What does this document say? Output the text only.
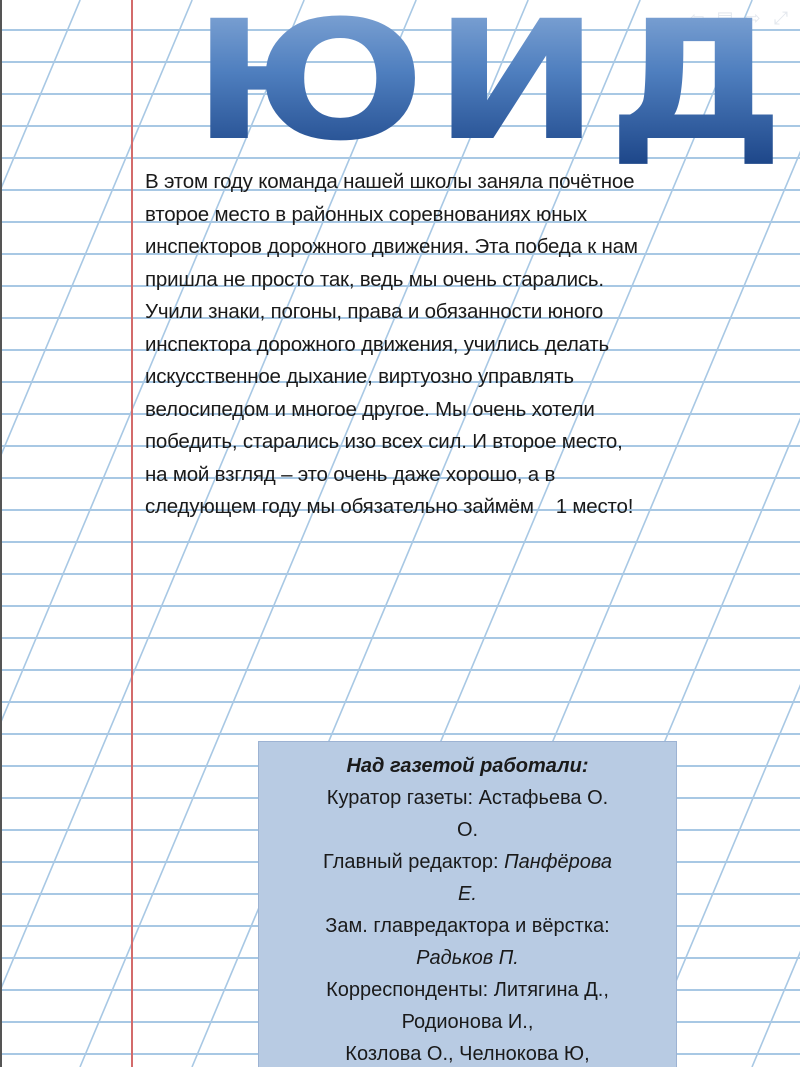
⇦ ▤ ⇨ ⤢
ЮИД
В этом году команда нашей школы заняла почётное
второе место в районных соревнованиях юных
инспекторов дорожного движения. Эта победа к нам
пришла не просто так, ведь мы очень старались.
Учили знаки, погоны, права и обязанности юного
инспектора дорожного движения, учились делать
искусственное дыхание, виртуозно управлять
велосипедом и многое другое. Мы очень хотели
победить, старались изо всех сил. И второе место,
на мой взгляд – это очень даже хорошо, а в
следующем году мы обязательно займём    1 место!
Над газетой работали:
Куратор газеты: Астафьева О.
О.
Главный редактор: Панфёрова
Е.
Зам. главредактора и вёрстка:
Радьков П.
Корреспонденты: Литягина Д.,
Родионова И.,
Козлова О., Челнокова Ю,
